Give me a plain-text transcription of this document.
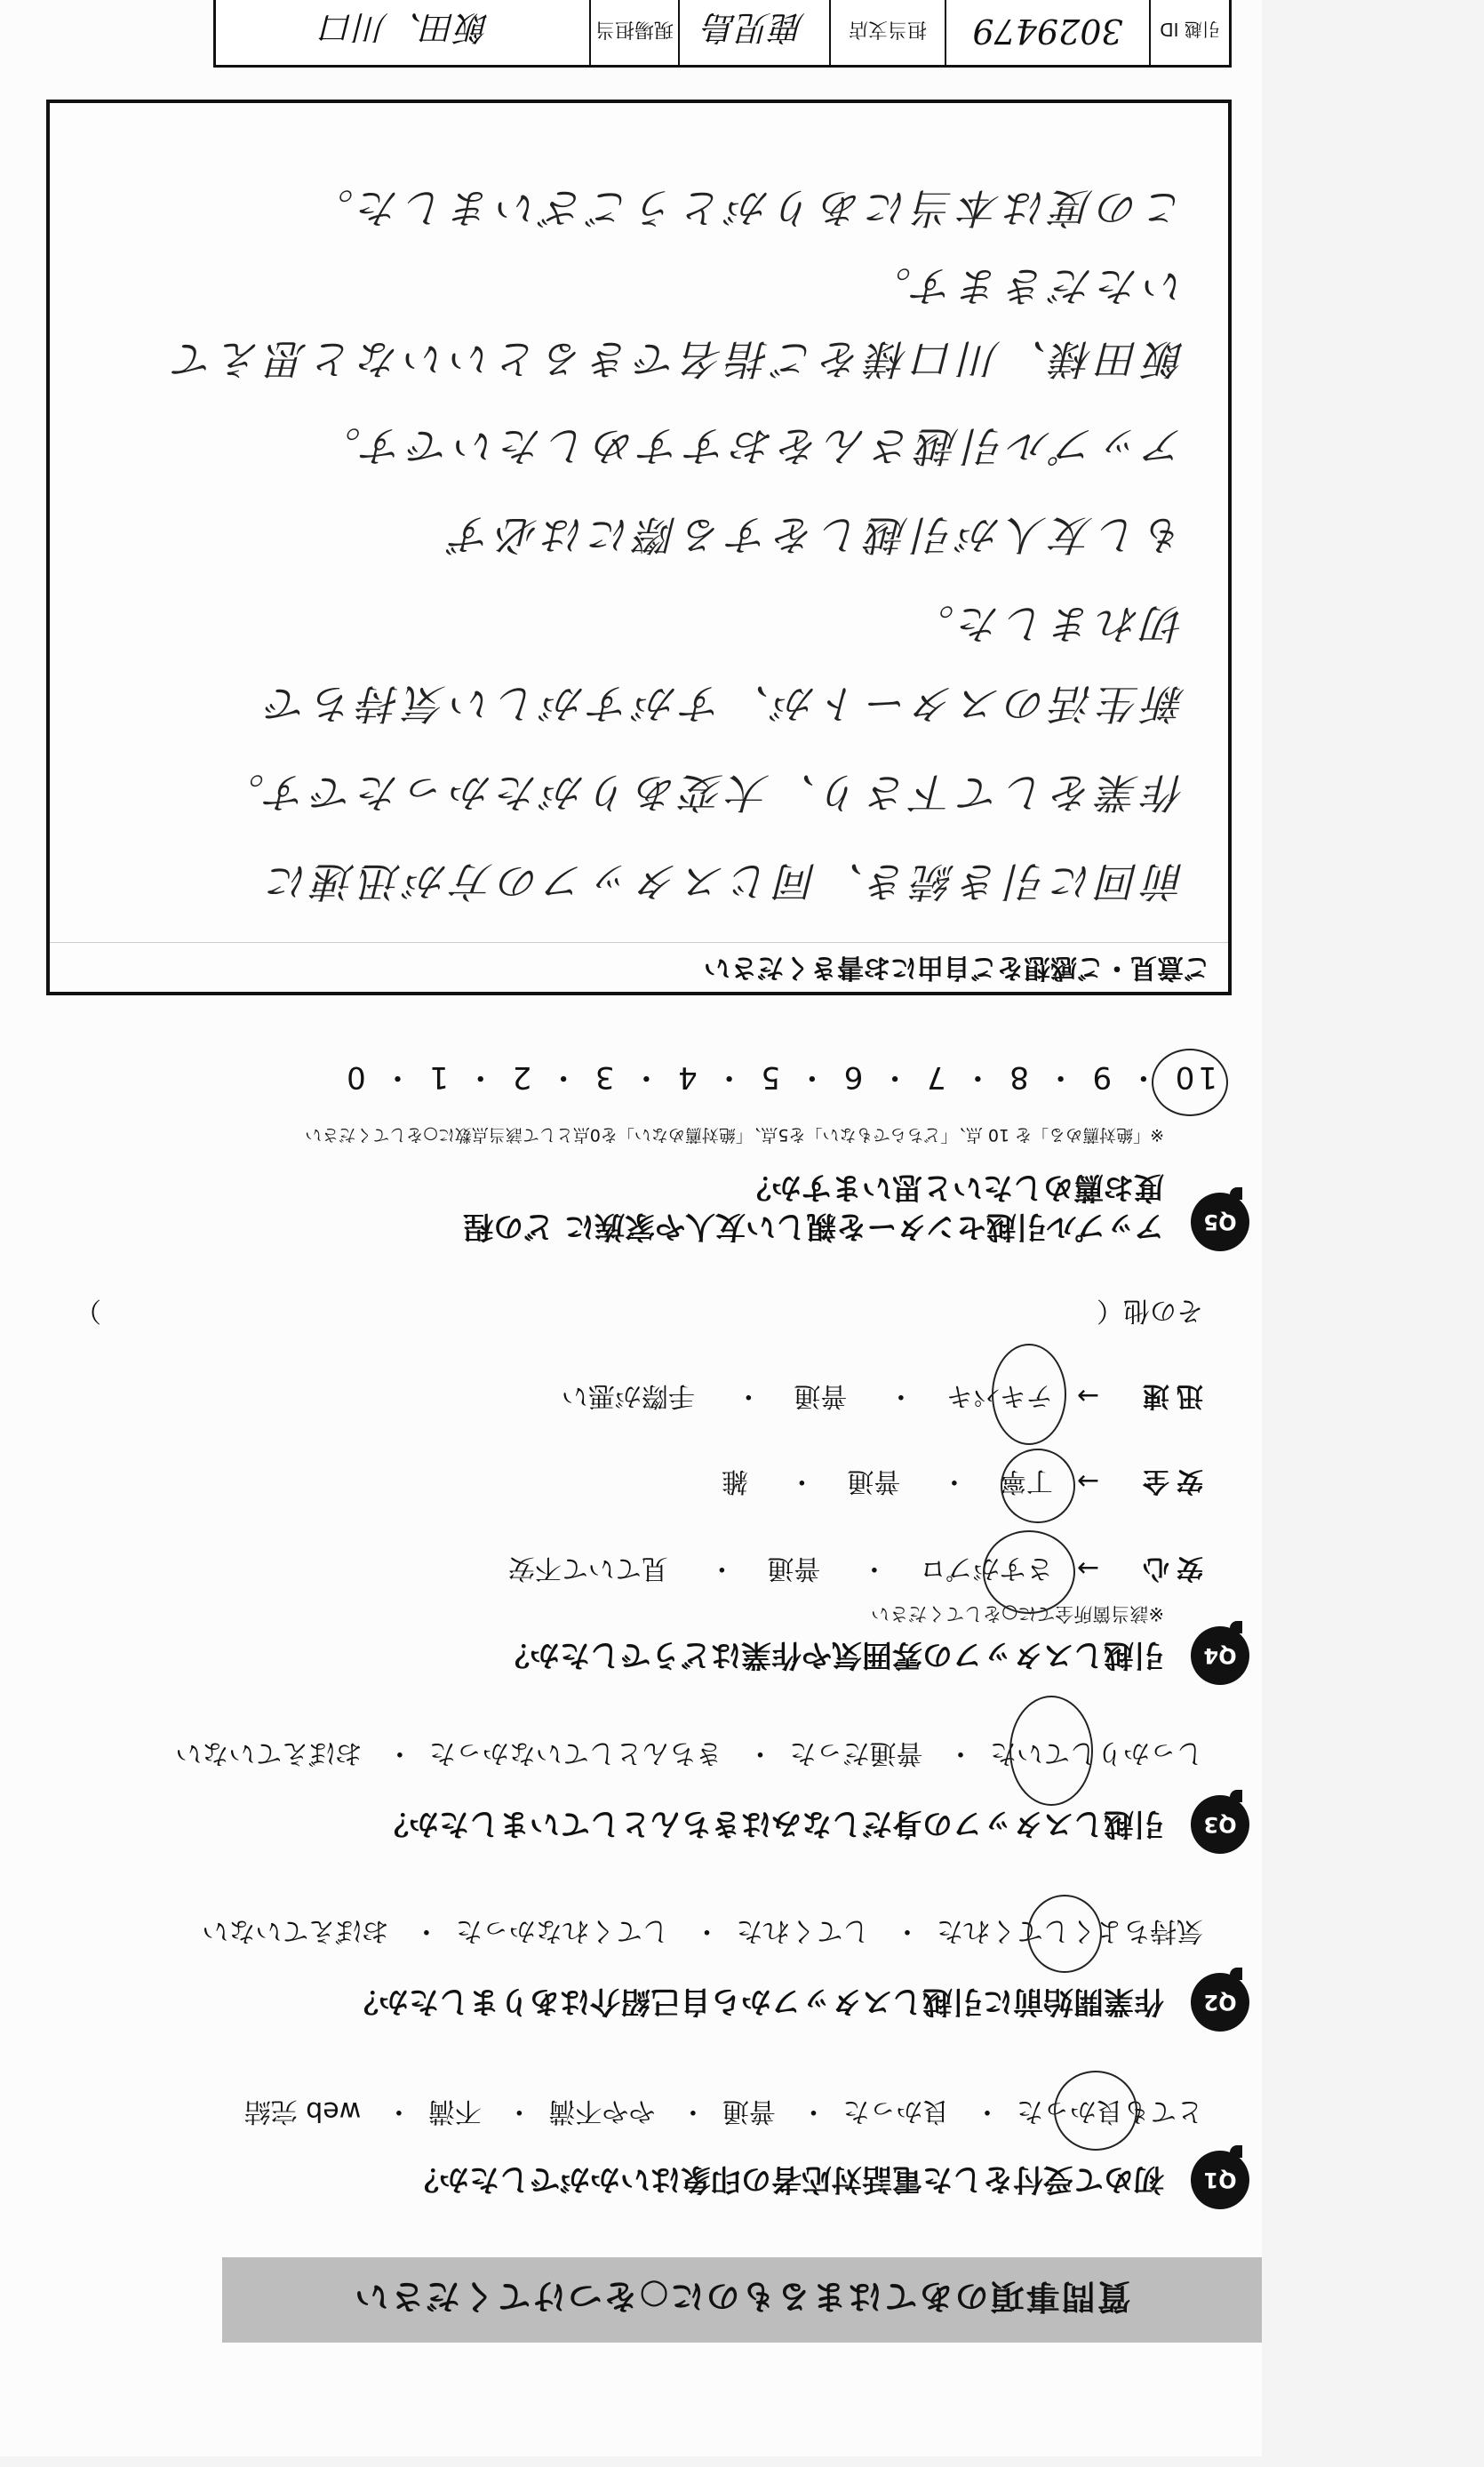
質問事項のあてはまるものに○をつけてください
Q1
初めて受付をした電話対応者の印象はいかがでしたか？
とても良かった・ 良かった・ 普通・ やや不満・ 不満・ web 完結
Q2
作業開始前に引越しスタッフから自己紹介はありましたか？
気持ちよくしてくれた・ してくれた・ してくれなかった・ おぼえていない
Q3
引越しスタッフの身だしなみはきちんとしていましたか？
しっかりしていた・ 普通だった・ きちんとしていなかった・ おぼえていない
Q4
引越しスタッフの雰囲気や作業はどうでしたか？
※該当箇所全てに○をしてください
安心 → さすがプロ・ 普通・ 見ていて不安
安全 → 丁寧・ 普通・ 雑
迅速 → テキパキ・ 普通・ 手際が悪い
その他（
）
Q5
アップル引越センターを親しい友人や家族に どの程度お薦めしたいと思いますか？
※「絶対薦める」を 10 点、「どちらでもない」を5点、「絶対薦めない」を0点として該当点数に○をしてください
10 ・ 9 ・ 8 ・ 7 ・ 6 ・ 5 ・ 4 ・ 3 ・ 2 ・ 1 ・ 0
ご意見・ご感想をご自由にお書きください
前回に引き続き、同じスタッフの方が迅速に
作業をして下さり、大変ありがたかったです。
新生活のスタートが、すがすがしい気持ちで
切れました。
もし友人が引越しをする際には必ず
アップル引越さんをおすすめしたいです。
飯田様、川口様をご指名できるといいなと思えて
いただきます。
この度は本当にありがとうございました。
引越 ID
3029479
担当支店
鹿児島
現場担当
飯田、川口
